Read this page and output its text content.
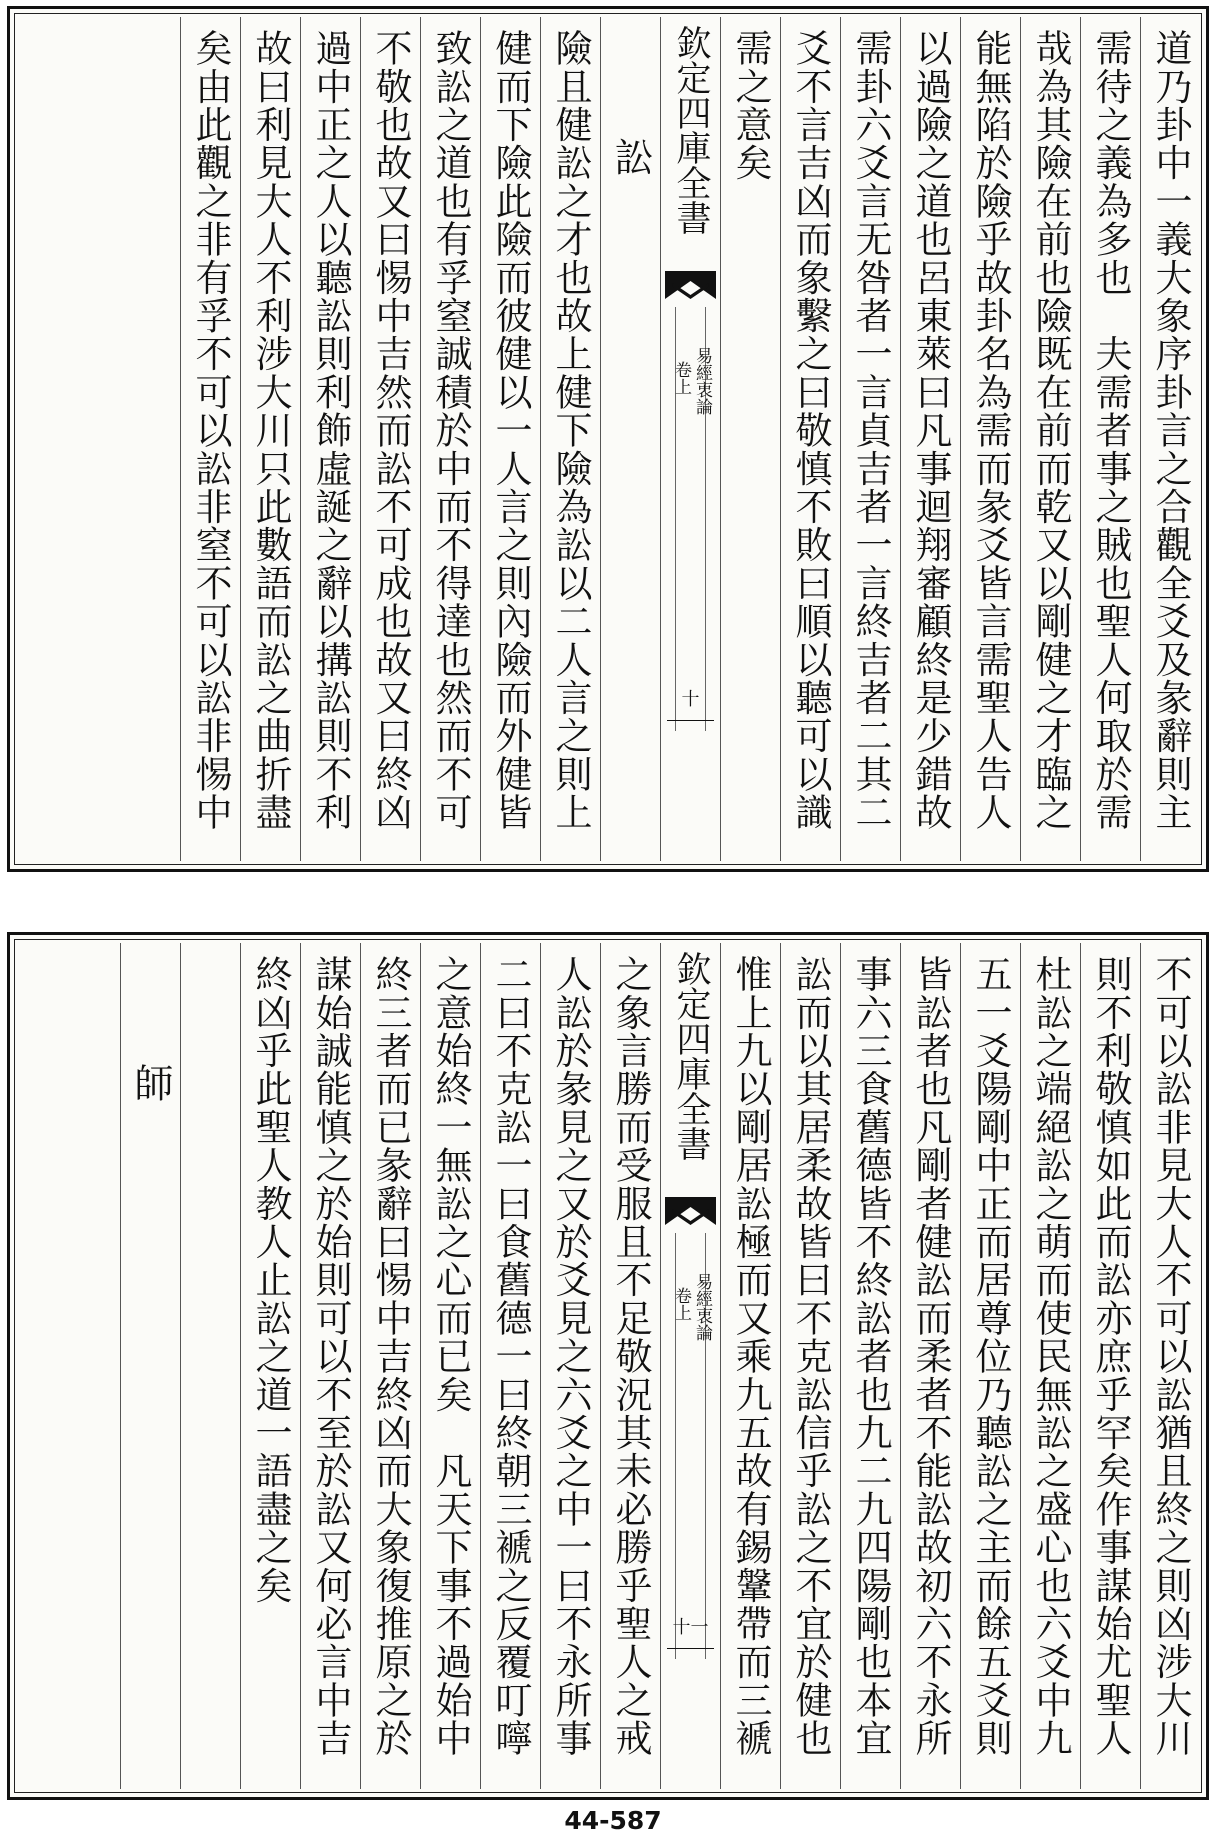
道乃卦中一義大象序卦言之合觀全爻及彖辭則主
需待之義為多也　夫需者事之賊也聖人何取於需
哉為其險在前也險既在前而乾又以剛健之才臨之
能無陷於險乎故卦名為需而彖爻皆言需聖人告人
以過險之道也呂東萊曰凡事迴翔審顧終是少錯故
需卦六爻言无咎者一言貞吉者一言終吉者二其二
爻不言吉凶而象繫之曰敬慎不敗曰順以聽可以識
需之意矣
欽定四庫全書
易經衷論
卷上
十
訟
險且健訟之才也故上健下險為訟以二人言之則上
健而下險此險而彼健以一人言之則內險而外健皆
致訟之道也有孚窒誠積於中而不得達也然而不可
不敬也故又曰惕中吉然而訟不可成也故又曰終凶
過中正之人以聽訟則利飾虛誕之辭以搆訟則不利
故曰利見大人不利涉大川只此數語而訟之曲折盡
矣由此觀之非有孚不可以訟非窒不可以訟非惕中
不可以訟非見大人不可以訟猶且終之則凶涉大川
則不利敬慎如此而訟亦庶乎罕矣作事謀始尤聖人
杜訟之端絕訟之萌而使民無訟之盛心也六爻中九
五一爻陽剛中正而居尊位乃聽訟之主而餘五爻則
皆訟者也凡剛者健訟而柔者不能訟故初六不永所
事六三食舊德皆不終訟者也九二九四陽剛也本宜
訟而以其居柔故皆曰不克訟信乎訟之不宜於健也
惟上九以剛居訟極而又乘九五故有錫鞶帶而三褫
欽定四庫全書
易經衷論
卷上
十一
之象言勝而受服且不足敬況其未必勝乎聖人之戒
人訟於彖見之又於爻見之六爻之中一曰不永所事
二曰不克訟一曰食舊德一曰終朝三褫之反覆叮嚀
之意始終一無訟之心而已矣　凡天下事不過始中
終三者而已彖辭曰惕中吉終凶而大象復推原之於
謀始誠能慎之於始則可以不至於訟又何必言中吉
終凶乎此聖人教人止訟之道一語盡之矣
師
44-587
